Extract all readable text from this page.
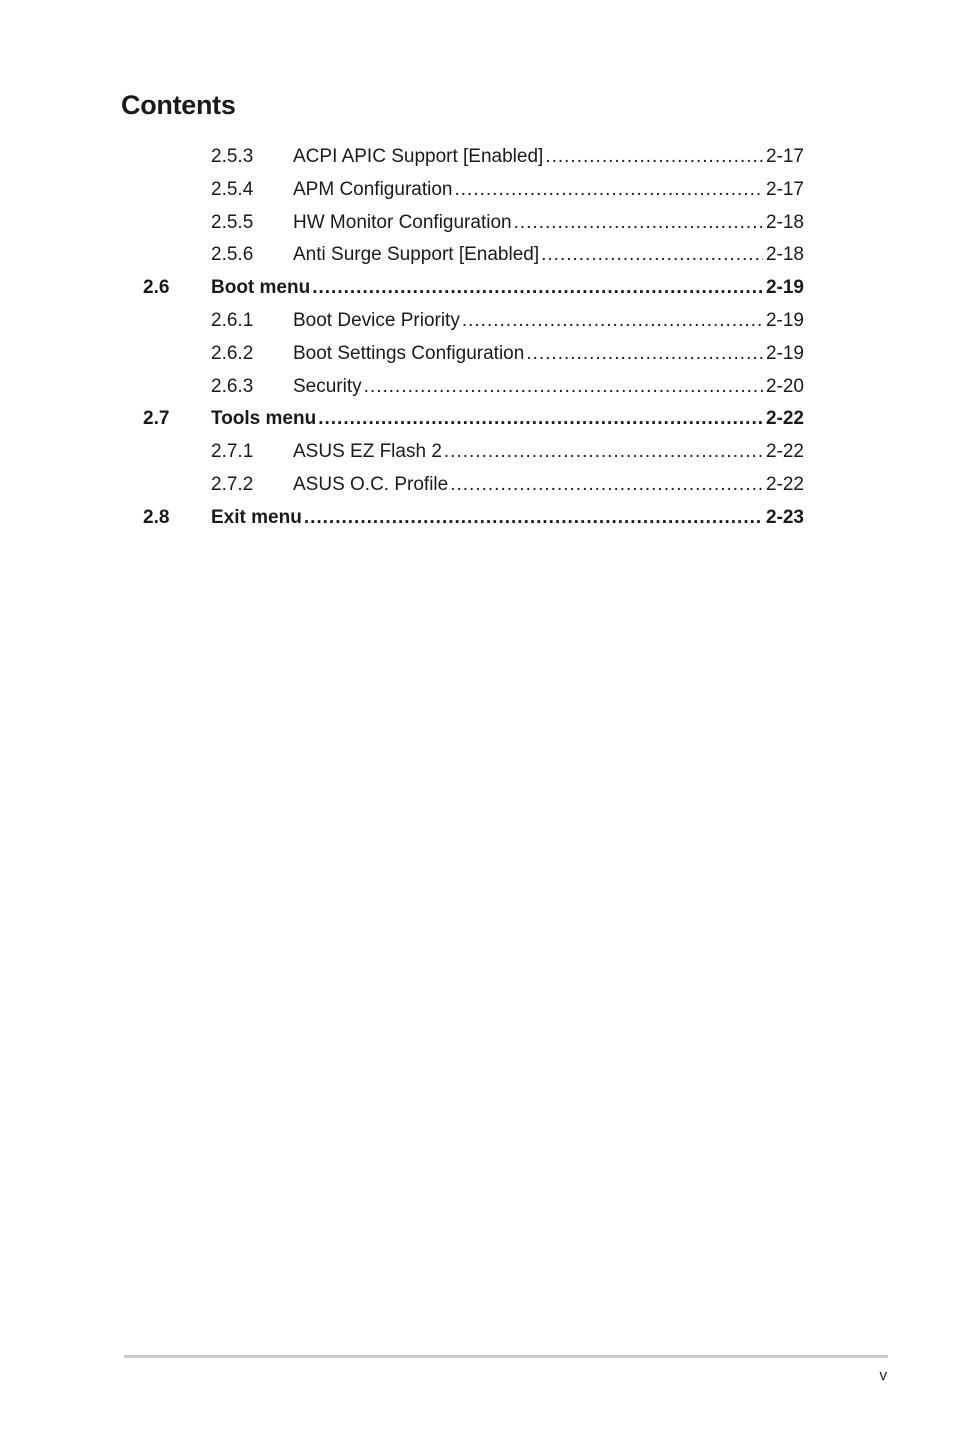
Contents
2.5.3 ACPI APIC Support [Enabled] .....	2-17
2.5.4 APM Configuration .....	2-17
2.5.5 HW Monitor Configuration .....	2-18
2.5.6 Anti Surge Support [Enabled] .....	2-18
2.6 Boot menu .....	2-19
2.6.1 Boot Device Priority .....	2-19
2.6.2 Boot Settings Configuration .....	2-19
2.6.3 Security .....	2-20
2.7 Tools menu .....	2-22
2.7.1 ASUS EZ Flash 2 .....	2-22
2.7.2 ASUS O.C. Profile .....	2-22
2.8 Exit menu .....	2-23
v
